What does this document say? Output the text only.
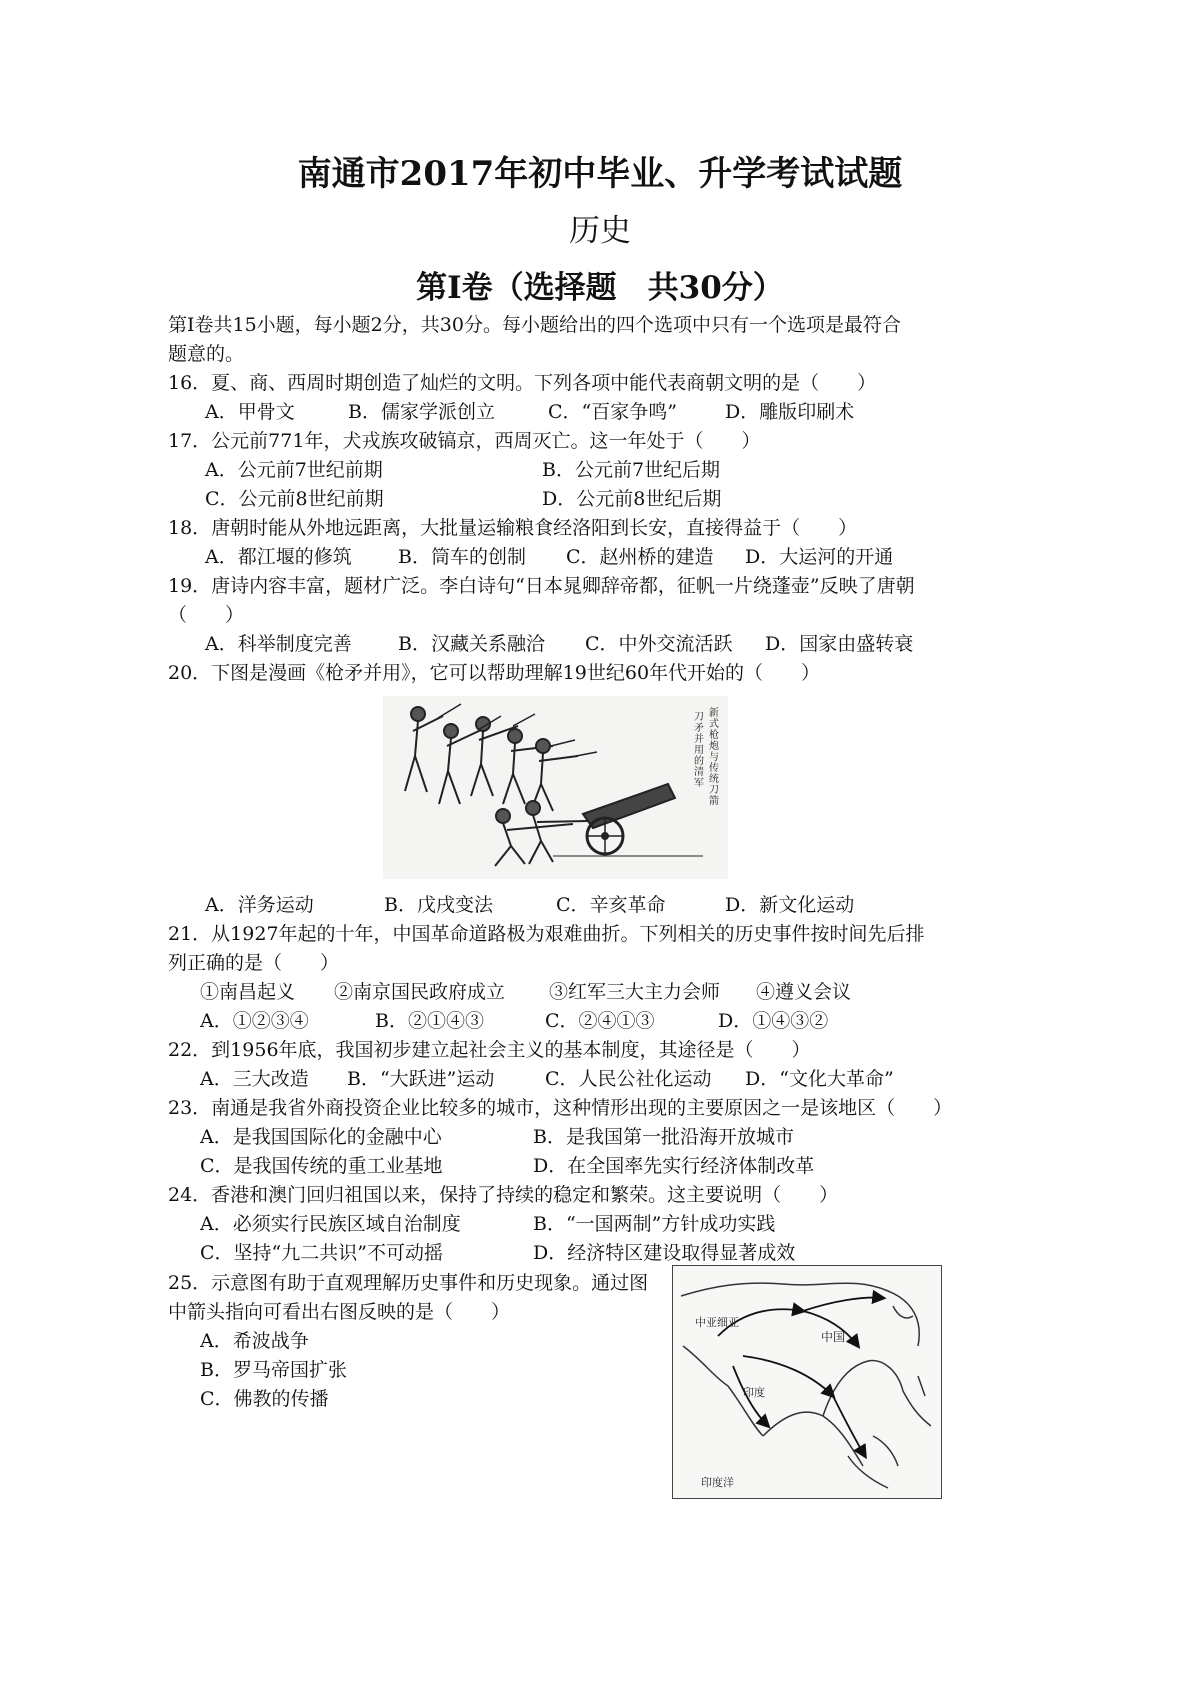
南通市2017年初中毕业、升学考试试题
历史
第Ⅰ卷（选择题　共30分）
第Ⅰ卷共15小题，每小题2分，共30分。每小题给出的四个选项中只有一个选项是最符合
题意的。
16．夏、商、西周时期创造了灿烂的文明。下列各项中能代表商朝文明的是（　　）
A．甲骨文	B．儒家学派创立	C．“百家争鸣”	D．雕版印刷术
17．公元前771年，犬戎族攻破镐京，西周灭亡。这一年处于（　　）
A．公元前7世纪前期	B．公元前7世纪后期
C．公元前8世纪前期	D．公元前8世纪后期
18．唐朝时能从外地远距离，大批量运输粮食经洛阳到长安，直接得益于（　　）
A．都江堰的修筑 B．筒车的创制 C．赵州桥的建造 D．大运河的开通
19．唐诗内容丰富，题材广泛。李白诗句“日本晁卿辞帝都，征帆一片绕蓬壶”反映了唐朝
（　　）
A．科举制度完善 B．汉藏关系融洽 C．中外交流活跃 D．国家由盛转衰
20．下图是漫画《枪矛并用》，它可以帮助理解19世纪60年代开始的（　　）
新式枪炮与传统刀箭
刀矛并用的清军
A．洋务运动	B．戊戌变法	C．辛亥革命	D．新文化运动
21．从1927年起的十年，中国革命道路极为艰难曲折。下列相关的历史事件按时间先后排
列正确的是（　　）
①南昌起义 ②南京国民政府成立 ③红军三大主力会师 ④遵义会议
A．①②③④	B．②①④③	C．②④①③	D．①④③②
22．到1956年底，我国初步建立起社会主义的基本制度，其途径是（　　）
A．三大改造 B．“大跃进”运动	C．人民公社化运动 D．“文化大革命”
23．南通是我省外商投资企业比较多的城市，这种情形出现的主要原因之一是该地区（　　）
A．是我国国际化的金融中心	B．是我国第一批沿海开放城市
C．是我国传统的重工业基地	D．在全国率先实行经济体制改革
24．香港和澳门回归祖国以来，保持了持续的稳定和繁荣。这主要说明（　　）
A．必须实行民族区域自治制度	B．“一国两制”方针成功实践
C．坚持“九二共识”不可动摇	D．经济特区建设取得显著成效
25．示意图有助于直观理解历史事件和历史现象。通过图
中箭头指向可看出右图反映的是（　　）
A．希波战争
B．罗马帝国扩张
C．佛教的传播
中亚细亚
中国
印度
印度洋
